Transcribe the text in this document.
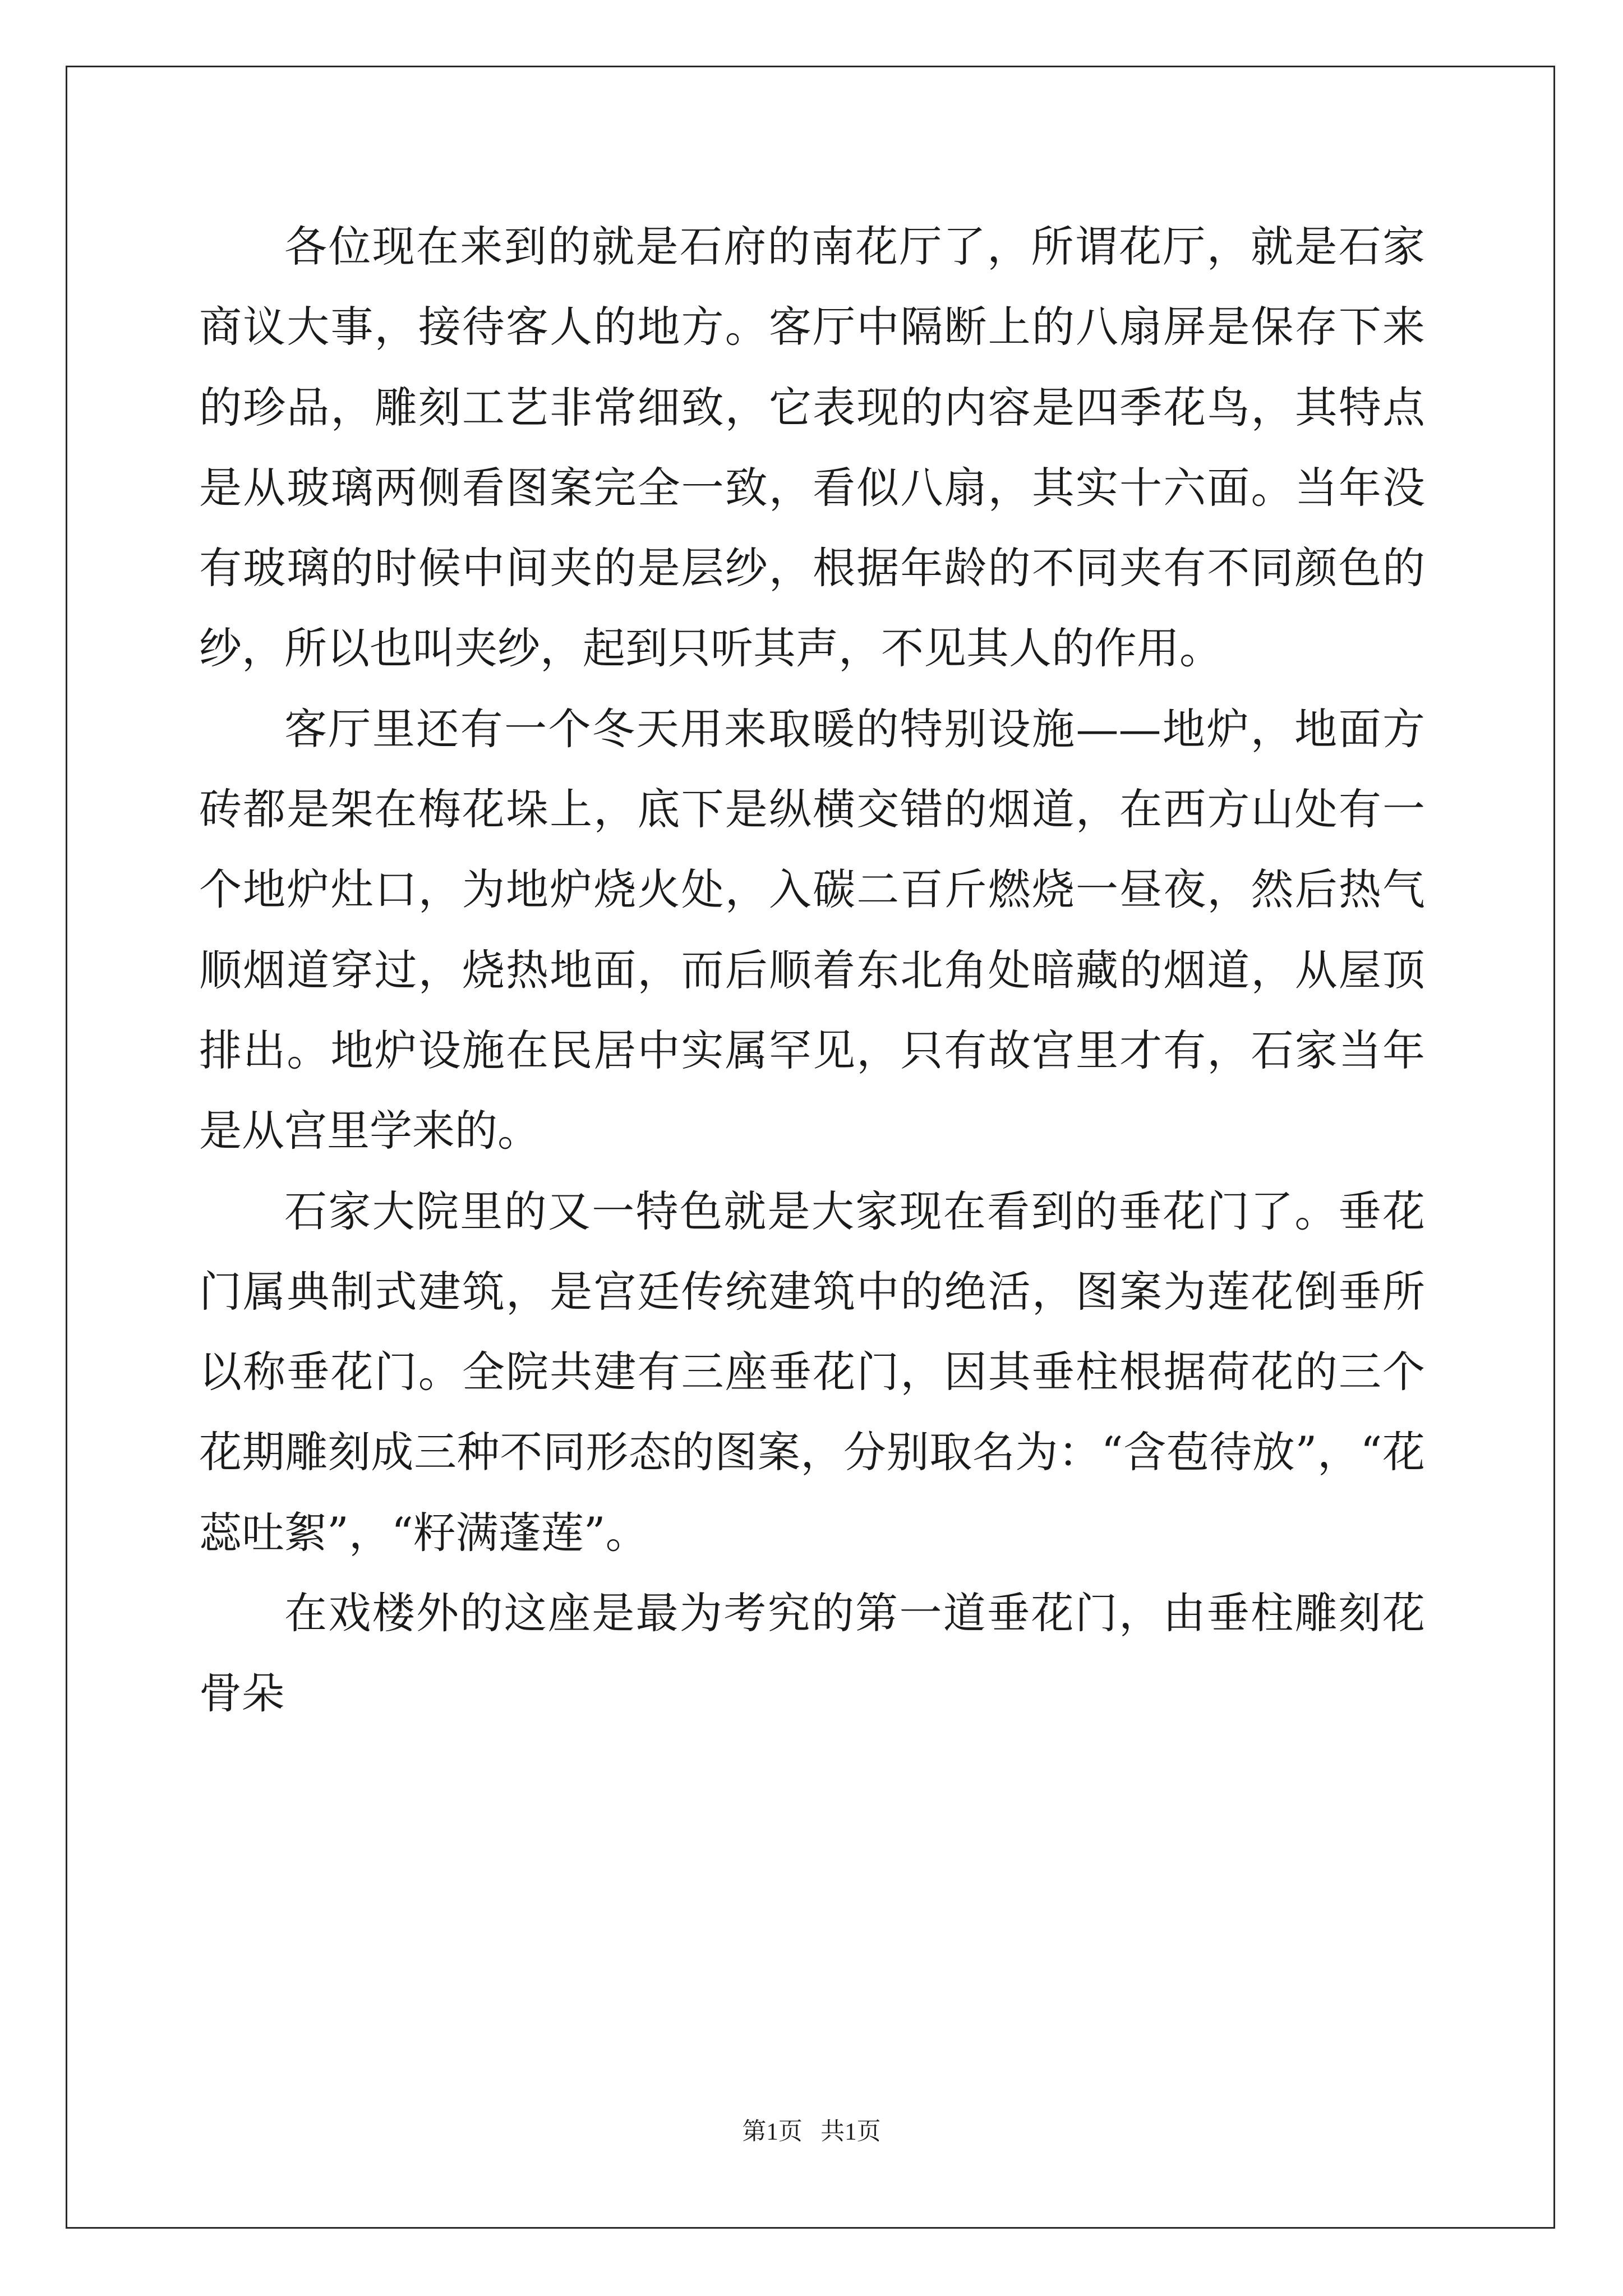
各位现在来到的就是石府的南花厅了，所谓花厅，就是石家商议大事，接待客人的地方。客厅中隔断上的八扇屏是保存下来的珍品，雕刻工艺非常细致，它表现的内容是四季花鸟，其特点是从玻璃两侧看图案完全一致，看似八扇，其实十六面。当年没有玻璃的时候中间夹的是层纱，根据年龄的不同夹有不同颜色的纱，所以也叫夹纱，起到只听其声，不见其人的作用。

客厅里还有一个冬天用来取暖的特别设施——地炉，地面方砖都是架在梅花垛上，底下是纵横交错的烟道，在西方山处有一个地炉灶口，为地炉烧火处，入碳二百斤燃烧一昼夜，然后热气顺烟道穿过，烧热地面，而后顺着东北角处暗藏的烟道，从屋顶排出。地炉设施在民居中实属罕见，只有故宫里才有，石家当年是从宫里学来的。

石家大院里的又一特色就是大家现在看到的垂花门了。垂花门属典制式建筑，是宫廷传统建筑中的绝活，图案为莲花倒垂所以称垂花门。全院共建有三座垂花门，因其垂柱根据荷花的三个花期雕刻成三种不同形态的图案，分别取名为：“含苞待放”，“花蕊吐絮”，“籽满蓬莲”。

在戏楼外的这座是最为考究的第一道垂花门，由垂柱雕刻花骨朵

第1页 共1页
